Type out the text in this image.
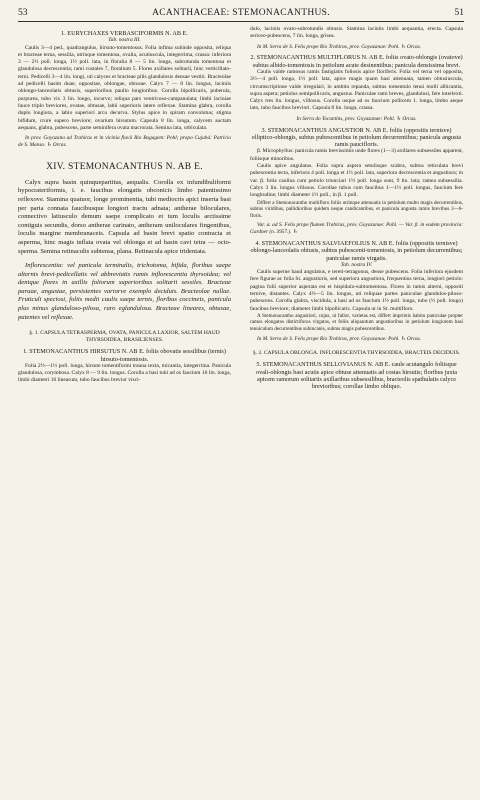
53	ACANTHACEAE: STEMONACANTHUS.	51

1. EURYCHAXES VERBASCIFORMIS N. AB E.

Tab. nostra III.

Caulis 3—4 ped., quadrangulus, hirsuto-tomentosus. Folia infima subinde opposita, reliqua et bracteae terna, sessilia, utrinque tomentosa, ovalia, acutiuscula, integerrima, crassa: inferiora 3 — 2½ poll. longa, 1½ poll. lata, in floralia 8 — 5 lin. longa, subrotunda tomentosa et glandulosa decrescentia; rami costales 7, floralium 5. Flores axillares solitarii, hinc verticillato-terni. Pedicelli 3—4 lin. longi, uti calyces et bracteae pilis glandulosis densae vestiti. Bracteolae ad pedicelli basim duae, oppositae, oblongae, obtusae. Calyx 7 — 8 lin. longus, laciniis oblongo-lanceolatis obtusis, superioribus paullo longioribus. Corolla bipollicaris, puberula, purpurea, tubo vix 3 lin. longo, incurvo; reliqua pars ventricoso-campanulata; limbi laciniae fauce triplo breviores, ovatae, obtusae, labii superioris latere reflexae. Stamina glabra, corolla duplo longiora, a labio superiori arcu decurva. Stylus apice in spiram convolutus; stigma bifidum, crure supero breviore; ovarium hirsutum. Capsula 8 lin. longa, calycem auctam aequans, glabra, pubescens, parte seminifera ovata macrorata. Semina lata, orbiculata.

In prov. Goyazana ad Trahiras et in vicinia fluvii Rio Bagagem: Pohl; propo Cujabá: Patricio de S. Manso. ♄ Orcas.

XIV. STEMONACANTHUS N. AB E.

Calyx supra basin quinquepartitus, aequalis. Corolla ex infundibuliformi hypocrateriformis, i. e. faucibus elongatis obconicis limbo patentissimo reflexove. Stamina quatuor, longe prominentia, tubi mediocris apici inserta basi per paria connata faucibusque longiori tractu adnata; antherae biloculares, connectivo latiusculo demum saepe complicato et tum loculis arctissime contiguis secundis, dorso antherae carinato, antheram uniloculares fingentibus, loculis margine membranaceis. Capsula ad basin brevi spatio contracta et asperma, hinc magis inflata ovata vel oblonga et ad basin cavi tetra — octo-sperma. Semina retinaculis subtensa, plana. Retinacula apice tridentata.

Inflorescentia: vel panicula terminalis, trichotoma, bifida, floribus saepe alternis brevi-pedicellatis vel abbreviatis ramis inflorescentia thyrsoidea; vel denique flores in axillis foliorum superioribus solitarii sessiles. Bracteae paruae, angustae, persistentes variorve exemplo deciduis. Bracteolae nullae. Fruticuli speciosi, foliis medii caulis saepe ternis, floribus coccineis, panicula plus minus glanduloso-pilosa, raro eglandulosa. Bracteae lineares, obtusae, patentes vel reflexae.

§. 1. CAPSULA TETRASPERMA, OVATA, PANICULA LAXIOR, SALTEM HAUD THYRSOIDEA, BRASILIENSES.

1. STEMONACANTHUS HIRSUTUS N. AB E. foliis obovatis sessilibus (ternis) hirsuto-tomentosis.

Folia 2½—1½ poll. longa, hirsute tomentiformi trauna texta, micantia, integerrima. Panicula glandulosa, corymbosa. Calyx 8 — 9 lin. longus. Corolla a basi tubi ad os faucium 16 lin. longa, limbi diametri 16 linearum, tubo faucibus brevior visci-

dulo, laciniis ovato-subrotundis obtusis. Stamina laciniis limbi aequantia, erecta. Capsula sericeo-pubescens, 7 lin. longa, grisea.

In M. Serra de S. Felis prope Rio Trahiras, prov. Goyazanae: Pohl. ♄ Orcas.

2. STEMONACANTHUS MULTIFLORUS N. AB E. foliis ovato-oblongis (ovatove) subtus albido-tomentosis in petiolum acute desinentibus; panicula densissima brevi.

Caulis valde ramosus ramis fastigiatis foliosis apice floriferis. Folia vel terna vel opposita, 3½—4 poll. longa, 1½ poll. lata, apice magis quam basi attenuata, tamen obtusiuscula, circumscriptione valde irregulari, in ambitu repanda, subtus tomentulo tenui molli albicantia, supra aspera; petiolus semipollicaris, angustus. Paniculae rami breves, glandulosi, fere interlexti. Calyx tres lin. longus, villosus. Corolla usque ad os faucium pollicem 1. longa, limbo aeque lato, tubo faucibus breviori. Capsula 8 lin. longa, crassa.

In Serra do Tocantins, prov. Goyazanae: Pohl. ♄ Orcas.

3. STEMONACANTHUS ANGUSTIOR N. AB E. foliis (oppositis ternisve) elliptico-oblongis, subtus pubescentibus in petiolum decurrentibus; panicula angusta ramis paucifloris.

β. Microphyllus: panicula ramis brevissimis unde flores (1—3) axillares subsessiles apparent, foliisque minoribus.

Caulis apice angulatus. Folia supra aspera setulisque scabra, subtus reticulata brevi pubescentia tecta, inferiora 4 poll. longa et 1½ poll. lata, superiora decrescentia et angustiora; in var. β. folia caulina cum petiolo triunciari 1½ poll. longa sunt, 9 lin. lata; ramea subsessilia. Calyx 3 lin. longus villosus. Corollae tubus cum faucibus 1—1½ poll. longus, faucium fere longitudine; limbi diameter 1½ poll., in β. 1 poll.

Differt a Stemonacantho multifloro foliis utrinque attenuatis in petiolum multo magis decurrentibus, subtus viridibus, pallidioribus quidem neque candicantibus, et panicula angusta ramis brevibus 3—6-floris.

Var. α. ad S. Felis prope flumen Trahiras, prov. Goyazanae: Pohl. — Var. β. in eadem provincia: Gardner (n. 3957.). ♄

4. STEMONACANTHUS SALVIAEFOLIUS N. AB E. foliis (oppositis ternisve) oblongo-lanceolatis obtusis, subtus pubescenti-tomentosis, in petiolum decurrentibus; paniculae ramis virgatis.

Tab. nostra IV.

Caulis superne haud angulatus, e tereti-tetragonus, dense pubescens. Folia inferiora ejusdem fere figurae ac folia St. angustioris, sed superiora angustiora, frequentius terna, longiori petiolo: pagina folii superior asperata est et hispidulo-subtomentosa. Flores in ramis alterni, oppositi ternive, distantes. Calyx 4½—5 lin. longus, uti reliquae partes paniculae glandulos-piloso-pubescens. Corolla glabra, viscidula, a basi ad os faucium 1½ poll. longa, tubo (½ poll. longo) faucibus breviore; diameter limbi bipollicaris. Capsula ut in St. multifloro.

A Stemonacantho angustiori, cujus, ni fallor, varietas est, differt imprimis habitu paniculae propter ramos elongatos distictiforos virgatos, et foliis aliquantum angustioribus in petiolum longiorem basi tenuiculum decurrentibus subincanis, subtus magis pubescentibus.

In M. Serra de S. Felis prope Rio Trahiras, prov. Goyazanae: Pohl. ♄ Orcas.

§. 2. CAPSULA OBLONGA. INFLORESCENTIA THYRSOIDEA, BRACTEIS DECIDUIS.

5. STEMONACANTHUS SELLOVIANUS N. AB E. caule acutangulo foliisque ovali-oblongis basi acutis apice obtuse attenuatis ad costas hirsutis; floribus juxta apicem ramorum solitariis axillaribus subsessilibus, bracteolis spathulatis calyce brevioribus; corollae limbo obliquo.
